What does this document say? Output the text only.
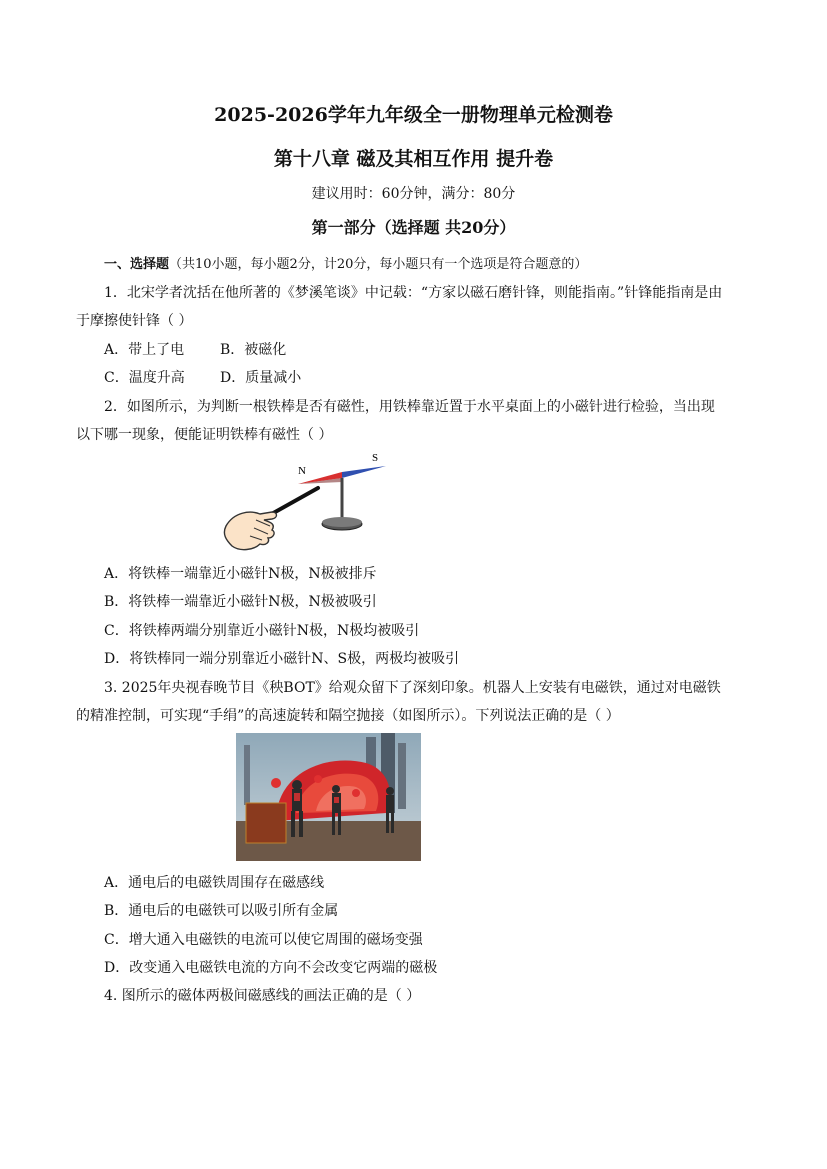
2025-2026学年九年级全一册物理单元检测卷
第十八章 磁及其相互作用 提升卷
建议用时：60分钟，满分：80分
第一部分（选择题 共20分）
一、选择题（共10小题，每小题2分，计20分，每小题只有一个选项是符合题意的）
1．北宋学者沈括在他所著的《梦溪笔谈》中记载：“方家以磁石磨针锋，则能指南。”针锋能指南是由
于摩擦使针锋（ ）
A．带上了电	B．被磁化
C．温度升高	D．质量减小
2．如图所示，为判断一根铁棒是否有磁性，用铁棒靠近置于水平桌面上的小磁针进行检验，当出现
以下哪一现象，便能证明铁棒有磁性（ ）
N
S
A．将铁棒一端靠近小磁针N极，N极被排斥
B．将铁棒一端靠近小磁针N极，N极被吸引
C．将铁棒两端分别靠近小磁针N极，N极均被吸引
D．将铁棒同一端分别靠近小磁针N、S极，两极均被吸引
3. 2025年央视春晚节目《秧BOT》给观众留下了深刻印象。机器人上安装有电磁铁，通过对电磁铁
的精准控制，可实现“手绢”的高速旋转和隔空抛接（如图所示）。下列说法正确的是（ ）
A．通电后的电磁铁周围存在磁感线
B．通电后的电磁铁可以吸引所有金属
C．增大通入电磁铁的电流可以使它周围的磁场变强
D．改变通入电磁铁电流的方向不会改变它两端的磁极
4. 图所示的磁体两极间磁感线的画法正确的是（ ）
